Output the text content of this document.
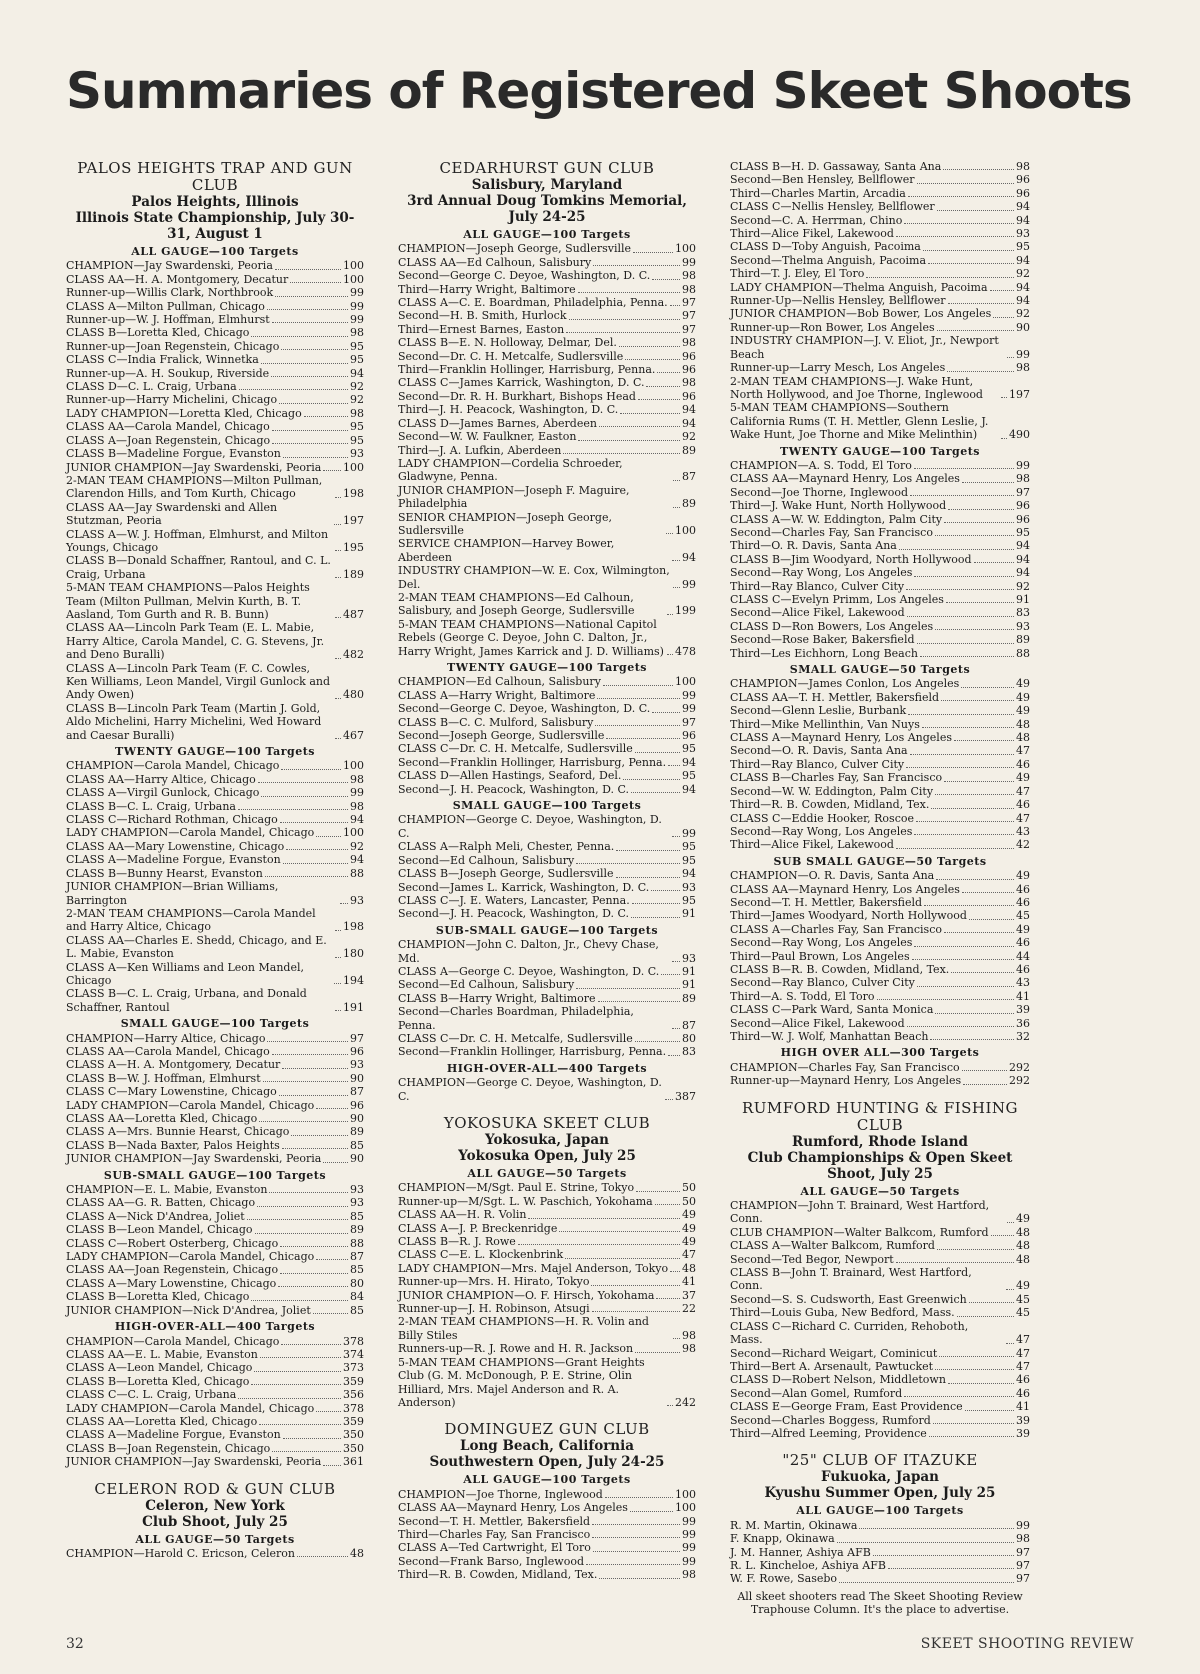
Summaries of Registered Skeet Shoots
PALOS HEIGHTS TRAP AND GUN CLUB
Palos Heights, Illinois
Illinois State Championship, July 30-31, August 1
ALL GAUGE—100 Targets
CHAMPION—Jay Swardenski, Peoria	100
CLASS AA—H. A. Montgomery, Decatur	100
Runner-up—Willis Clark, Northbrook	99
CLASS A—Milton Pullman, Chicago	99
Runner-up—W. J. Hoffman, Elmhurst	99
CLASS B—Loretta Kled, Chicago	98
Runner-up—Joan Regenstein, Chicago	95
CLASS C—India Fralick, Winnetka	95
Runner-up—A. H. Soukup, Riverside	94
CLASS D—C. L. Craig, Urbana	92
Runner-up—Harry Michelini, Chicago	92
LADY CHAMPION—Loretta Kled, Chicago	98
CLASS AA—Carola Mandel, Chicago	95
CLASS A—Joan Regenstein, Chicago	95
CLASS B—Madeline Forgue, Evanston	93
JUNIOR CHAMPION—Jay Swardenski, Peoria 100
2-MAN TEAM CHAMPIONS—Milton Pullman, Clarendon Hills, and Tom Kurth, Chicago	198
CLASS AA—Jay Swardenski and Allen Stutzman, Peoria	197
CLASS A—W. J. Hoffman, Elmhurst, and Milton Youngs, Chicago	195
CLASS B—Donald Schaffner, Rantoul, and C. L. Craig, Urbana	189
5-MAN TEAM CHAMPIONS—Palos Heights Team (Milton Pullman, Melvin Kurth, B. T. Aasland, Tom Gurth and R. B. Bunn)	487
CLASS AA—Lincoln Park Team (E. L. Mabie, Harry Altice, Carola Mandel, C. G. Stevens, Jr. and Deno Buralli)	482
CLASS A—Lincoln Park Team (F. C. Cowles, Ken Williams, Leon Mandel, Virgil Gunlock and Andy Owen)	480
CLASS B—Lincoln Park Team (Martin J. Gold, Aldo Michelini, Harry Michelini, Wed Howard and Caesar Buralli)	467
TWENTY GAUGE—100 Targets
CHAMPION—Carola Mandel, Chicago	100
CLASS AA—Harry Altice, Chicago	98
CLASS A—Virgil Gunlock, Chicago	99
CLASS B—C. L. Craig, Urbana	98
CLASS C—Richard Rothman, Chicago	94
LADY CHAMPION—Carola Mandel, Chicago	100
CLASS AA—Mary Lowenstine, Chicago	92
CLASS A—Madeline Forgue, Evanston	94
CLASS B—Bunny Hearst, Evanston	88
JUNIOR CHAMPION—Brian Williams, Barrington	93
2-MAN TEAM CHAMPIONS—Carola Mandel and Harry Altice, Chicago	198
CLASS AA—Charles E. Shedd, Chicago, and E. L. Mabie, Evanston	180
CLASS A—Ken Williams and Leon Mandel, Chicago	194
CLASS B—C. L. Craig, Urbana, and Donald Schaffner, Rantoul	191
SMALL GAUGE—100 Targets
CHAMPION—Harry Altice, Chicago	97
CLASS AA—Carola Mandel, Chicago	96
CLASS A—H. A. Montgomery, Decatur	93
CLASS B—W. J. Hoffman, Elmhurst	90
CLASS C—Mary Lowenstine, Chicago	87
LADY CHAMPION—Carola Mandel, Chicago	96
CLASS AA—Loretta Kled, Chicago	90
CLASS A—Mrs. Bunnie Hearst, Chicago	89
CLASS B—Nada Baxter, Palos Heights	85
JUNIOR CHAMPION—Jay Swardenski, Peoria	90
SUB-SMALL GAUGE—100 Targets
CHAMPION—E. L. Mabie, Evanston	93
CLASS AA—G. R. Batten, Chicago	93
CLASS A—Nick D'Andrea, Joliet	85
CLASS B—Leon Mandel, Chicago	89
CLASS C—Robert Osterberg, Chicago	88
LADY CHAMPION—Carola Mandel, Chicago	87
CLASS AA—Joan Regenstein, Chicago	85
CLASS A—Mary Lowenstine, Chicago	80
CLASS B—Loretta Kled, Chicago	84
JUNIOR CHAMPION—Nick D'Andrea, Joliet	85
HIGH-OVER-ALL—400 Targets
CHAMPION—Carola Mandel, Chicago	378
CLASS AA—E. L. Mabie, Evanston	374
CLASS A—Leon Mandel, Chicago	373
CLASS B—Loretta Kled, Chicago	359
CLASS C—C. L. Craig, Urbana	356
LADY CHAMPION—Carola Mandel, Chicago	378
CLASS AA—Loretta Kled, Chicago	359
CLASS A—Madeline Forgue, Evanston	350
CLASS B—Joan Regenstein, Chicago	350
JUNIOR CHAMPION—Jay Swardenski, Peoria 361
CELERON ROD & GUN CLUB
Celeron, New York
Club Shoot, July 25
ALL GAUGE—50 Targets
CHAMPION—Harold C. Ericson, Celeron	48
CEDARHURST GUN CLUB
Salisbury, Maryland
3rd Annual Doug Tomkins Memorial, July 24-25
ALL GAUGE—100 Targets
CHAMPION—Joseph George, Sudlersville	100
CLASS AA—Ed Calhoun, Salisbury	99
Second—George C. Deyoe, Washington, D. C.	98
Third—Harry Wright, Baltimore	98
CLASS A—C. E. Boardman, Philadelphia, Penna. 97
Second—H. B. Smith, Hurlock	97
Third—Ernest Barnes, Easton	97
CLASS B—E. N. Holloway, Delmar, Del.	98
Second—Dr. C. H. Metcalfe, Sudlersville	96
Third—Franklin Hollinger, Harrisburg, Penna. 96
CLASS C—James Karrick, Washington, D. C.	98
Second—Dr. R. H. Burkhart, Bishops Head	96
Third—J. H. Peacock, Washington, D. C.	94
CLASS D—James Barnes, Aberdeen	94
Second—W. W. Faulkner, Easton	92
Third—J. A. Lufkin, Aberdeen	89
LADY CHAMPION—Cordelia Schroeder, Gladwyne, Penna.	87
JUNIOR CHAMPION—Joseph F. Maguire, Philadelphia	89
SENIOR CHAMPION—Joseph George, Sudlersville	100
SERVICE CHAMPION—Harvey Bower, Aberdeen	94
INDUSTRY CHAMPION—W. E. Cox, Wilmington, Del.	99
2-MAN TEAM CHAMPIONS—Ed Calhoun, Salisbury, and Joseph George, Sudlersville	199
5-MAN TEAM CHAMPIONS—National Capitol Rebels (George C. Deyoe, John C. Dalton, Jr., Harry Wright, James Karrick and J. D. Williams) 478
TWENTY GAUGE—100 Targets
CHAMPION—Ed Calhoun, Salisbury	100
CLASS A—Harry Wright, Baltimore	99
Second—George C. Deyoe, Washington, D. C.	99
CLASS B—C. C. Mulford, Salisbury	97
Second—Joseph George, Sudlersville	96
CLASS C—Dr. C. H. Metcalfe, Sudlersville	95
Second—Franklin Hollinger, Harrisburg, Penna. 94
CLASS D—Allen Hastings, Seaford, Del.	95
Second—J. H. Peacock, Washington, D. C.	94
SMALL GAUGE—100 Targets
CHAMPION—George C. Deyoe, Washington, D. C.	99
CLASS A—Ralph Meli, Chester, Penna.	95
Second—Ed Calhoun, Salisbury	95
CLASS B—Joseph George, Sudlersville	94
Second—James L. Karrick, Washington, D. C.	93
CLASS C—J. E. Waters, Lancaster, Penna.	95
Second—J. H. Peacock, Washington, D. C.	91
SUB-SMALL GAUGE—100 Targets
CHAMPION—John C. Dalton, Jr., Chevy Chase, Md.	93
CLASS A—George C. Deyoe, Washington, D. C. 91
Second—Ed Calhoun, Salisbury	91
CLASS B—Harry Wright, Baltimore	89
Second—Charles Boardman, Philadelphia, Penna.	87
CLASS C—Dr. C. H. Metcalfe, Sudlersville	80
Second—Franklin Hollinger, Harrisburg, Penna. 83
HIGH-OVER-ALL—400 Targets
CHAMPION—George C. Deyoe, Washington, D. C.	387
YOKOSUKA SKEET CLUB
Yokosuka, Japan
Yokosuka Open, July 25
ALL GAUGE—50 Targets
CHAMPION—M/Sgt. Paul E. Strine, Tokyo	50
Runner-up—M/Sgt. L. W. Paschich, Yokohama	50
CLASS AA—H. R. Volin	49
CLASS A—J. P. Breckenridge	49
CLASS B—R. J. Rowe	49
CLASS C—E. L. Klockenbrink	47
LADY CHAMPION—Mrs. Majel Anderson, Tokyo 48
Runner-up—Mrs. H. Hirato, Tokyo	41
JUNIOR CHAMPION—O. F. Hirsch, Yokohama	37
Runner-up—J. H. Robinson, Atsugi	22
2-MAN TEAM CHAMPIONS—H. R. Volin and Billy Stiles	98
Runners-up—R. J. Rowe and H. R. Jackson	98
5-MAN TEAM CHAMPIONS—Grant Heights Club (G. M. McDonough, P. E. Strine, Olin Hilliard, Mrs. Majel Anderson and R. A. Anderson)	242
DOMINGUEZ GUN CLUB
Long Beach, California
Southwestern Open, July 24-25
ALL GAUGE—100 Targets
CHAMPION—Joe Thorne, Inglewood	100
CLASS AA—Maynard Henry, Los Angeles	100
Second—T. H. Mettler, Bakersfield	99
Third—Charles Fay, San Francisco	99
CLASS A—Ted Cartwright, El Toro	99
Second—Frank Barso, Inglewood	99
Third—R. B. Cowden, Midland, Tex.	98
CLASS B—H. D. Gassaway, Santa Ana	98
Second—Ben Hensley, Bellflower	96
Third—Charles Martin, Arcadia	96
CLASS C—Nellis Hensley, Bellflower	94
Second—C. A. Herrman, Chino	94
Third—Alice Fikel, Lakewood	93
CLASS D—Toby Anguish, Pacoima	95
Second—Thelma Anguish, Pacoima	94
Third—T. J. Eley, El Toro	92
LADY CHAMPION—Thelma Anguish, Pacoima	94
Runner-Up—Nellis Hensley, Bellflower	94
JUNIOR CHAMPION—Bob Bower, Los Angeles 92
Runner-up—Ron Bower, Los Angeles	90
INDUSTRY CHAMPION—J. V. Eliot, Jr., Newport Beach	99
Runner-up—Larry Mesch, Los Angeles	98
2-MAN TEAM CHAMPIONS—J. Wake Hunt, North Hollywood, and Joe Thorne, Inglewood	197
5-MAN TEAM CHAMPIONS—Southern California Rums (T. H. Mettler, Glenn Leslie, J. Wake Hunt, Joe Thorne and Mike Melinthin)	490
TWENTY GAUGE—100 Targets
CHAMPION—A. S. Todd, El Toro	99
CLASS AA—Maynard Henry, Los Angeles	98
Second—Joe Thorne, Inglewood	97
Third—J. Wake Hunt, North Hollywood	96
CLASS A—W. W. Eddington, Palm City	96
Second—Charles Fay, San Francisco	95
Third—O. R. Davis, Santa Ana	94
CLASS B—Jim Woodyard, North Hollywood	94
Second—Ray Wong, Los Angeles	94
Third—Ray Blanco, Culver City	92
CLASS C—Evelyn Primm, Los Angeles	91
Second—Alice Fikel, Lakewood	83
CLASS D—Ron Bowers, Los Angeles	93
Second—Rose Baker, Bakersfield	89
Third—Les Eichhorn, Long Beach	88
SMALL GAUGE—50 Targets
CHAMPION—James Conlon, Los Angeles	49
CLASS AA—T. H. Mettler, Bakersfield	49
Second—Glenn Leslie, Burbank	49
Third—Mike Mellinthin, Van Nuys	48
CLASS A—Maynard Henry, Los Angeles	48
Second—O. R. Davis, Santa Ana	47
Third—Ray Blanco, Culver City	46
CLASS B—Charles Fay, San Francisco	49
Second—W. W. Eddington, Palm City	47
Third—R. B. Cowden, Midland, Tex.	46
CLASS C—Eddie Hooker, Roscoe	47
Second—Ray Wong, Los Angeles	43
Third—Alice Fikel, Lakewood	42
SUB SMALL GAUGE—50 Targets
CHAMPION—O. R. Davis, Santa Ana	49
CLASS AA—Maynard Henry, Los Angeles	46
Second—T. H. Mettler, Bakersfield	46
Third—James Woodyard, North Hollywood	45
CLASS A—Charles Fay, San Francisco	49
Second—Ray Wong, Los Angeles	46
Third—Paul Brown, Los Angeles	44
CLASS B—R. B. Cowden, Midland, Tex.	46
Second—Ray Blanco, Culver City	43
Third—A. S. Todd, El Toro	41
CLASS C—Park Ward, Santa Monica	39
Second—Alice Fikel, Lakewood	36
Third—W. J. Wolf, Manhattan Beach	32
HIGH OVER ALL—300 Targets
CHAMPION—Charles Fay, San Francisco	292
Runner-up—Maynard Henry, Los Angeles	292
RUMFORD HUNTING & FISHING CLUB
Rumford, Rhode Island
Club Championships & Open Skeet Shoot, July 25
ALL GAUGE—50 Targets
CHAMPION—John T. Brainard, West Hartford, Conn.	49
CLUB CHAMPION—Walter Balkcom, Rumford 48
CLASS A—Walter Balkcom, Rumford	48
Second—Ted Begor, Newport	48
CLASS B—John T. Brainard, West Hartford, Conn.	49
Second—S. S. Cudsworth, East Greenwich	45
Third—Louis Guba, New Bedford, Mass.	45
CLASS C—Richard C. Curriden, Rehoboth, Mass.	47
Second—Richard Weigart, Cominicut	47
Third—Bert A. Arsenault, Pawtucket	47
CLASS D—Robert Nelson, Middletown	46
Second—Alan Gomel, Rumford	46
CLASS E—George Fram, East Providence	41
Second—Charles Boggess, Rumford	39
Third—Alfred Leeming, Providence	39
"25" CLUB OF ITAZUKE
Fukuoka, Japan
Kyushu Summer Open, July 25
ALL GAUGE—100 Targets
R. M. Martin, Okinawa	99
F. Knapp, Okinawa	98
J. M. Hanner, Ashiya AFB	97
R. L. Kincheloe, Ashiya AFB	97
W. F. Rowe, Sasebo	97
All skeet shooters read The Skeet Shooting Review Traphouse Column. It's the place to advertise.
32	SKEET SHOOTING REVIEW
